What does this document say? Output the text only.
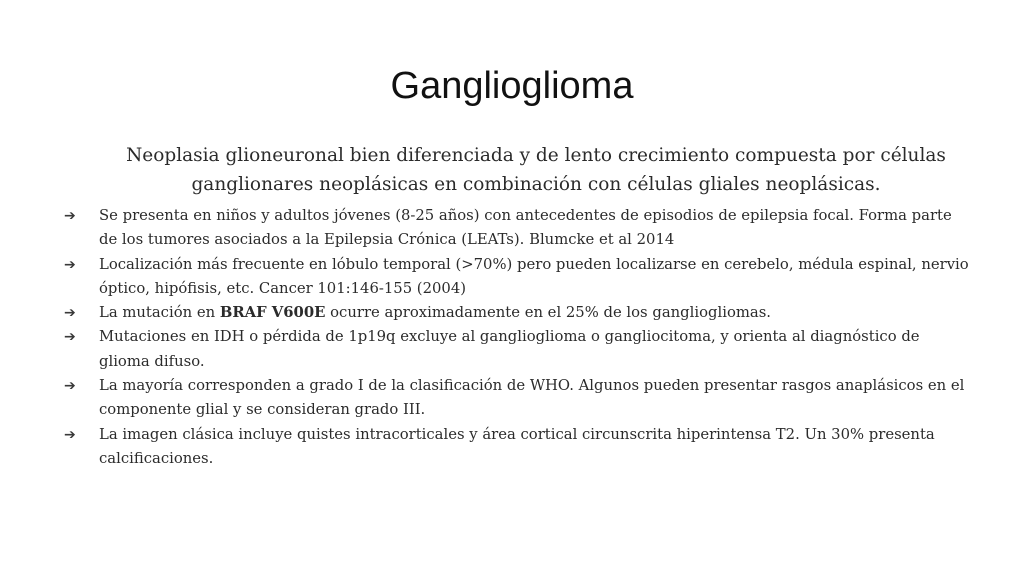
Ganglioglioma
Neoplasia glioneuronal bien diferenciada y de lento crecimiento compuesta por células ganglionares neoplásicas en combinación con células gliales neoplásicas.
➔ Se presenta en niños y adultos jóvenes (8-25 años) con antecedentes de episodios de epilepsia focal. Forma parte de los tumores asociados a la Epilepsia Crónica (LEATs). Blumcke et al 2014
➔ Localización más frecuente en lóbulo temporal (>70%) pero pueden localizarse en cerebelo, médula espinal, nervio óptico, hipófisis, etc. Cancer 101:146-155 (2004)
➔ La mutación en BRAF V600E ocurre aproximadamente en el 25% de los gangliogliomas.
➔ Mutaciones en IDH o pérdida de 1p19q excluye al ganglioglioma o gangliocitoma, y orienta al diagnóstico de glioma difuso.
➔ La mayoría corresponden a grado I de la clasificación de WHO. Algunos pueden presentar rasgos anaplásicos en el componente glial y se consideran grado III.
➔ La imagen clásica incluye quistes intracorticales y área cortical circunscrita hiperintensa T2. Un 30% presenta calcificaciones.
